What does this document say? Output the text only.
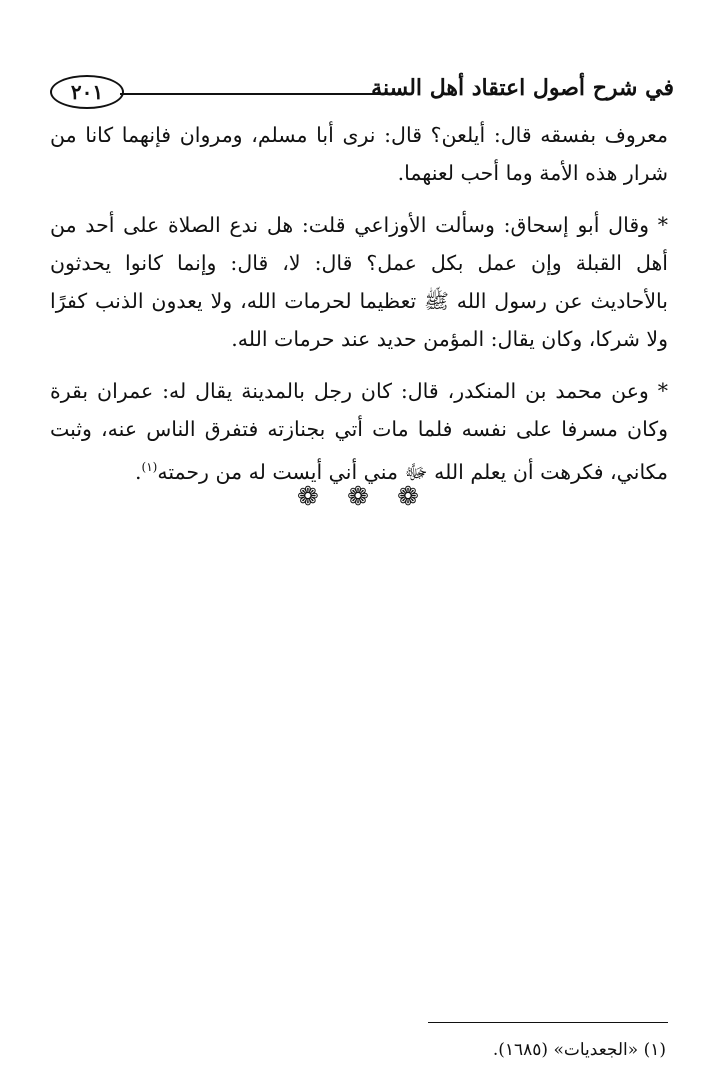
في شرح أصول اعتقاد أهل السنة
٢٠١

معروف بفسقه قال: أيلعن؟ قال: نرى أبا مسلم، ومروان فإنهما كانا من شرار هذه الأمة وما أحب لعنهما.

* وقال أبو إسحاق: وسألت الأوزاعي قلت: هل ندع الصلاة على أحد من أهل القبلة وإن عمل بكل عمل؟ قال: لا، قال: وإنما كانوا يحدثون بالأحاديث عن رسول الله ﷺ تعظيما لحرمات الله، ولا يعدون الذنب كفرًا ولا شركا، وكان يقال: المؤمن حديد عند حرمات الله.

* وعن محمد بن المنكدر، قال: كان رجل بالمدينة يقال له: عمران بقرة وكان مسرفا على نفسه فلما مات أتي بجنازته فتفرق الناس عنه، وثبت مكاني، فكرهت أن يعلم الله ﷻ مني أني أيست له من رحمته$^{(١)}$.

❁ ❁ ❁
(١) «الجعديات» (١٦٨٥).
